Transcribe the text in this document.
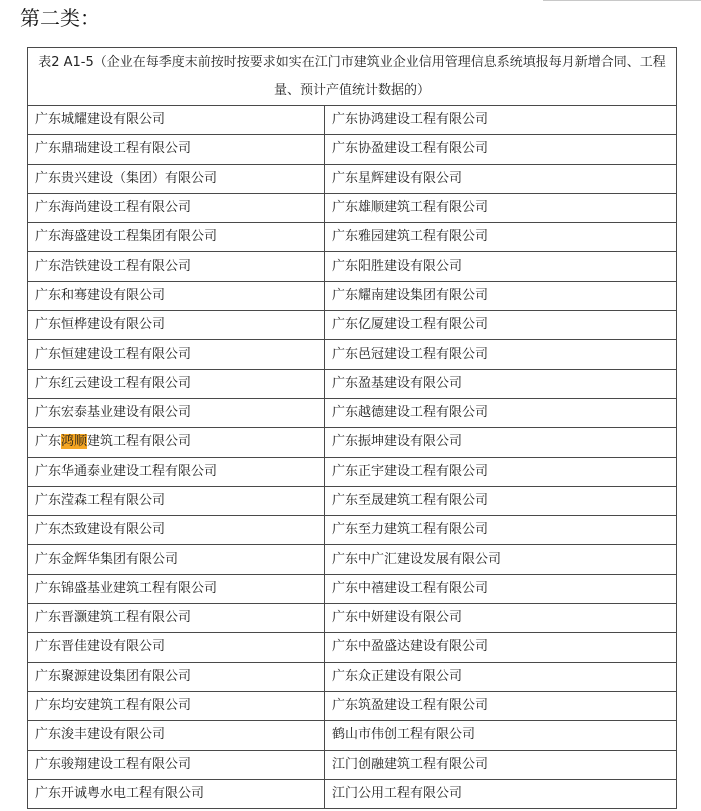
第二类：
表2 A1-5（企业在每季度末前按时按要求如实在江门市建筑业企业信用管理信息系统填报每月新增合同、工程量、预计产值统计数据的）	
广东城耀建设有限公司	广东协鸿建设工程有限公司
广东鼎瑞建设工程有限公司	广东协盈建设工程有限公司
广东贵兴建设（集团）有限公司	广东星辉建设有限公司
广东海尚建设工程有限公司	广东雄顺建筑工程有限公司
广东海盛建设工程集团有限公司	广东雅园建筑工程有限公司
广东浩铁建设工程有限公司	广东阳胜建设有限公司
广东和骞建设有限公司	广东耀南建设集团有限公司
广东恒桦建设有限公司	广东亿厦建设工程有限公司
广东恒建建设工程有限公司	广东邑冠建设工程有限公司
广东红云建设工程有限公司	广东盈基建设有限公司
广东宏泰基业建设有限公司	广东越德建设工程有限公司
广东鸿顺建筑工程有限公司	广东振坤建设有限公司
广东华通泰业建设工程有限公司	广东正宇建设工程有限公司
广东滢森工程有限公司	广东至晟建筑工程有限公司
广东杰致建设有限公司	广东至力建筑工程有限公司
广东金辉华集团有限公司	广东中广汇建设发展有限公司
广东锦盛基业建筑工程有限公司	广东中禧建设工程有限公司
广东晋灏建筑工程有限公司	广东中妍建设有限公司
广东晋佳建设有限公司	广东中盈盛达建设有限公司
广东聚源建设集团有限公司	广东众正建设有限公司
广东均安建筑工程有限公司	广东筑盈建设工程有限公司
广东浚丰建设有限公司	鹤山市伟创工程有限公司
广东骏翔建设工程有限公司	江门创融建筑工程有限公司
广东开诚粤水电工程有限公司	江门公用工程有限公司
